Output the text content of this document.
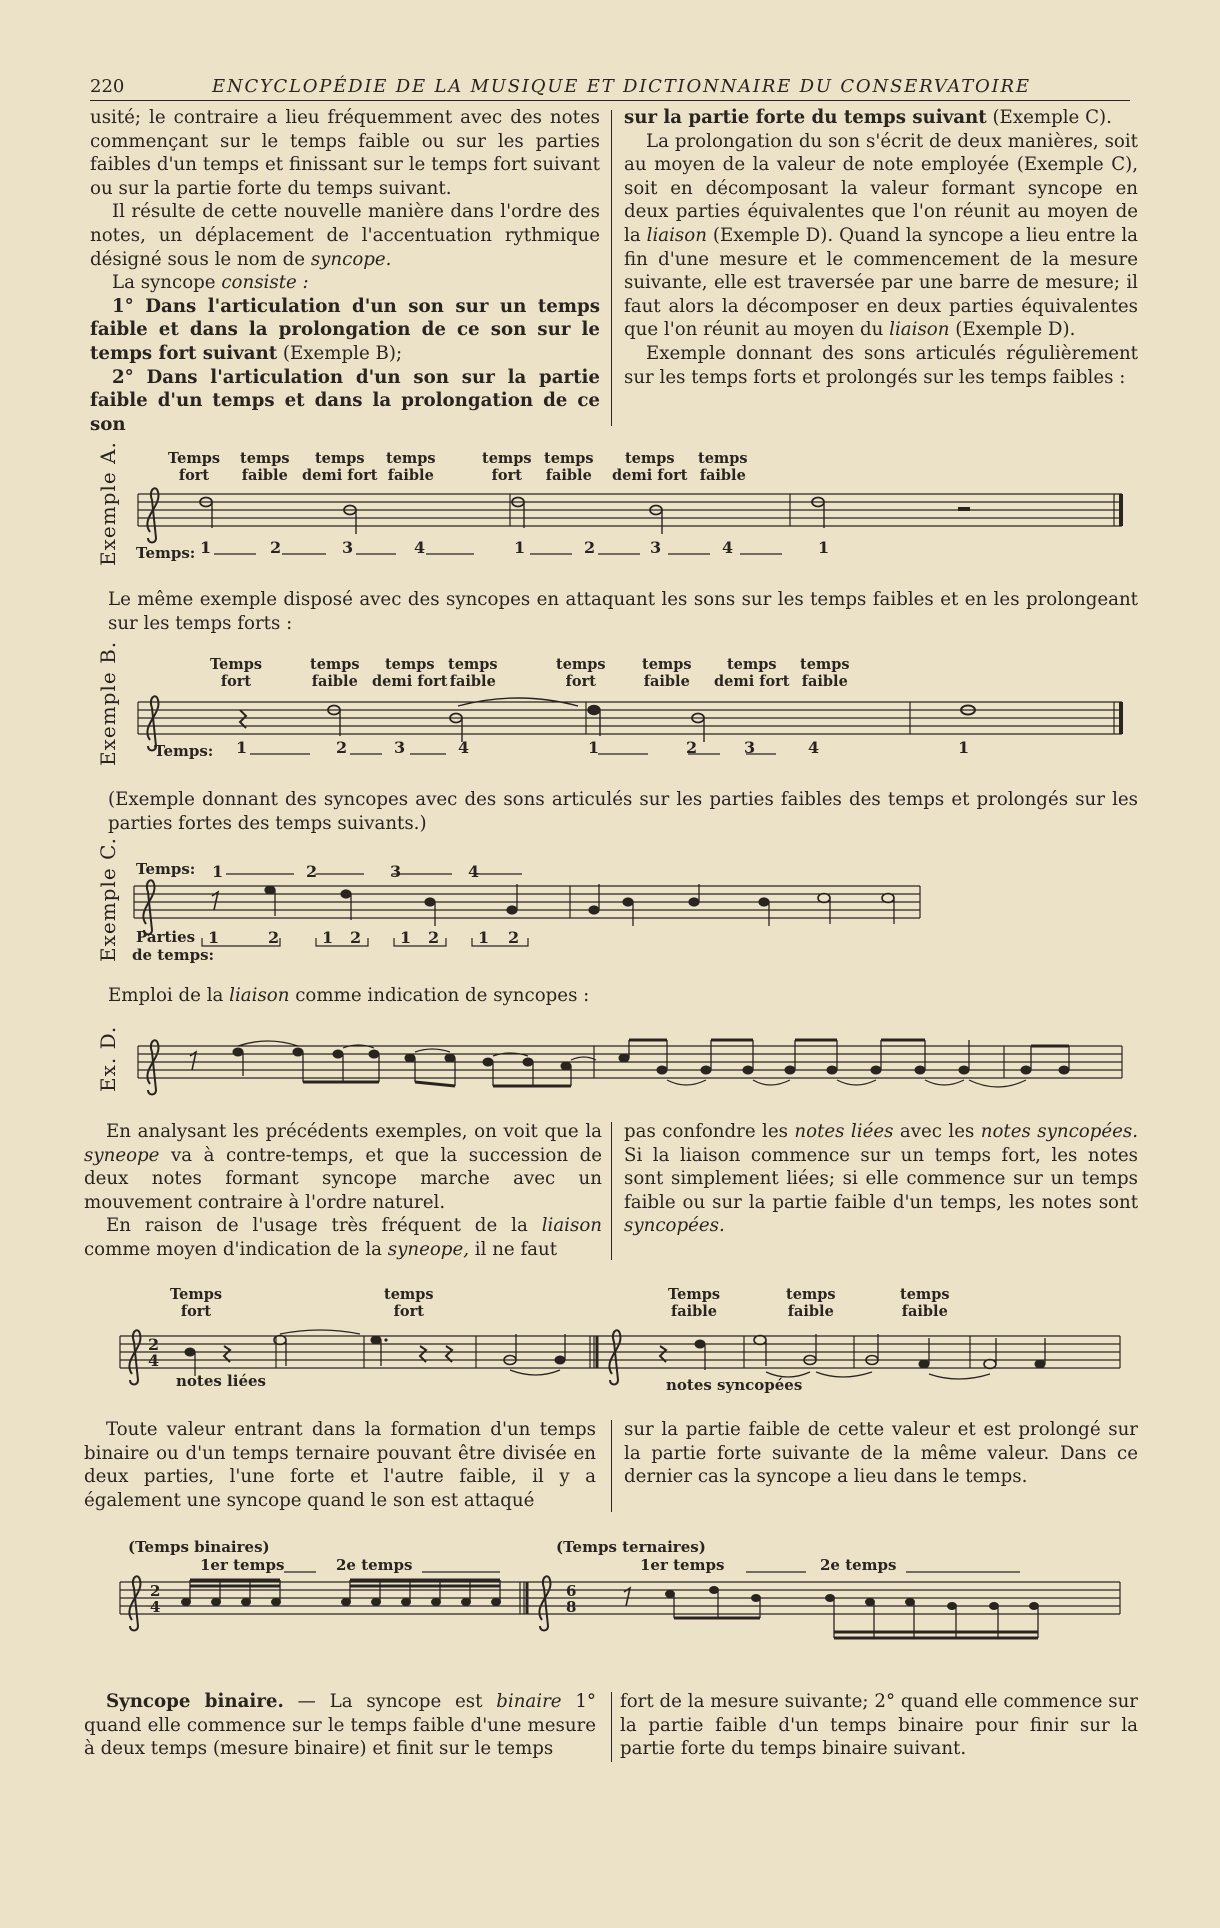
220	ENCYCLOPÉDIE DE LA MUSIQUE ET DICTIONNAIRE DU CONSERVATOIRE

usité; le contraire a lieu fréquemment avec des notes commençant sur le temps faible ou sur les parties faibles d'un temps et finissant sur le temps fort suivant ou sur la partie forte du temps suivant.

Il résulte de cette nouvelle manière dans l'ordre des notes, un déplacement de l'accentuation rythmique désigné sous le nom de syncope.

La syncope consiste :

1° Dans l'articulation d'un son sur un temps faible et dans la prolongation de ce son sur le temps fort suivant (Exemple B);

2° Dans l'articulation d'un son sur la partie faible d'un temps et dans la prolongation de ce son

sur la partie forte du temps suivant (Exemple C).

La prolongation du son s'écrit de deux manières, soit au moyen de la valeur de note employée (Exemple C), soit en décomposant la valeur formant syncope en deux parties équivalentes que l'on réunit au moyen de la liaison (Exemple D). Quand la syncope a lieu entre la fin d'une mesure et le commencement de la mesure suivante, elle est traversée par une barre de mesure; il faut alors la décomposer en deux parties équivalentes que l'on réunit au moyen du liaison (Exemple D).

Exemple donnant des sons articulés régulièrement sur les temps forts et prolongés sur les temps faibles :

Exemple A.	Temps
fort
temps
faible
temps
demi fort
temps
faible
temps
fort
temps
faible
temps
demi fort
temps
faible
Temps: 1	2	3	4	1	2	3	4	1
Le même exemple disposé avec des syncopes en attaquant les sons sur les temps faibles et en les prolongeant sur les temps forts :
Exemple B.	Temps
fort
temps
faible
temps
demi fort
temps
faible
temps
fort
temps
faible
temps
demi fort
temps
faible
Temps: 1	2	3	4	1	2	3	4	1
(Exemple donnant des syncopes avec des sons articulés sur les parties faibles des temps et prolongés sur les parties fortes des temps suivants.)
Exemple C. Temps: 1	2	3	4
Parties
de temps:
1	2	1 2 1 2 1 2
Emploi de la liaison comme indication de syncopes :
Ex. D.

En analysant les précédents exemples, on voit que la syneope va à contre-temps, et que la succession de deux notes formant syncope marche avec un mouvement contraire à l'ordre naturel.

En raison de l'usage très fréquent de la liaison comme moyen d'indication de la syneope, il ne faut

pas confondre les notes liées avec les notes syncopées. Si la liaison commence sur un temps fort, les notes sont simplement liées; si elle commence sur un temps faible ou sur la partie faible d'un temps, les notes sont syncopées.

Temps
fort
temps
fort
Temps
faible
temps
faible
temps
faible
2
4
notes liées	notes syncopées

Toute valeur entrant dans la formation d'un temps binaire ou d'un temps ternaire pouvant être divisée en deux parties, l'une forte et l'autre faible, il y a également une syncope quand le son est attaqué

sur la partie faible de cette valeur et est prolongé sur la partie forte suivante de la même valeur. Dans ce dernier cas la syncope a lieu dans le temps.

(Temps binaires)	(Temps ternaires)
1er temps	2e temps	1er temps	2e temps
2
4
6
8

Syncope binaire. — La syncope est binaire 1° quand elle commence sur le temps faible d'une mesure à deux temps (mesure binaire) et finit sur le temps

fort de la mesure suivante; 2° quand elle commence sur la partie faible d'un temps binaire pour finir sur la partie forte du temps binaire suivant.
